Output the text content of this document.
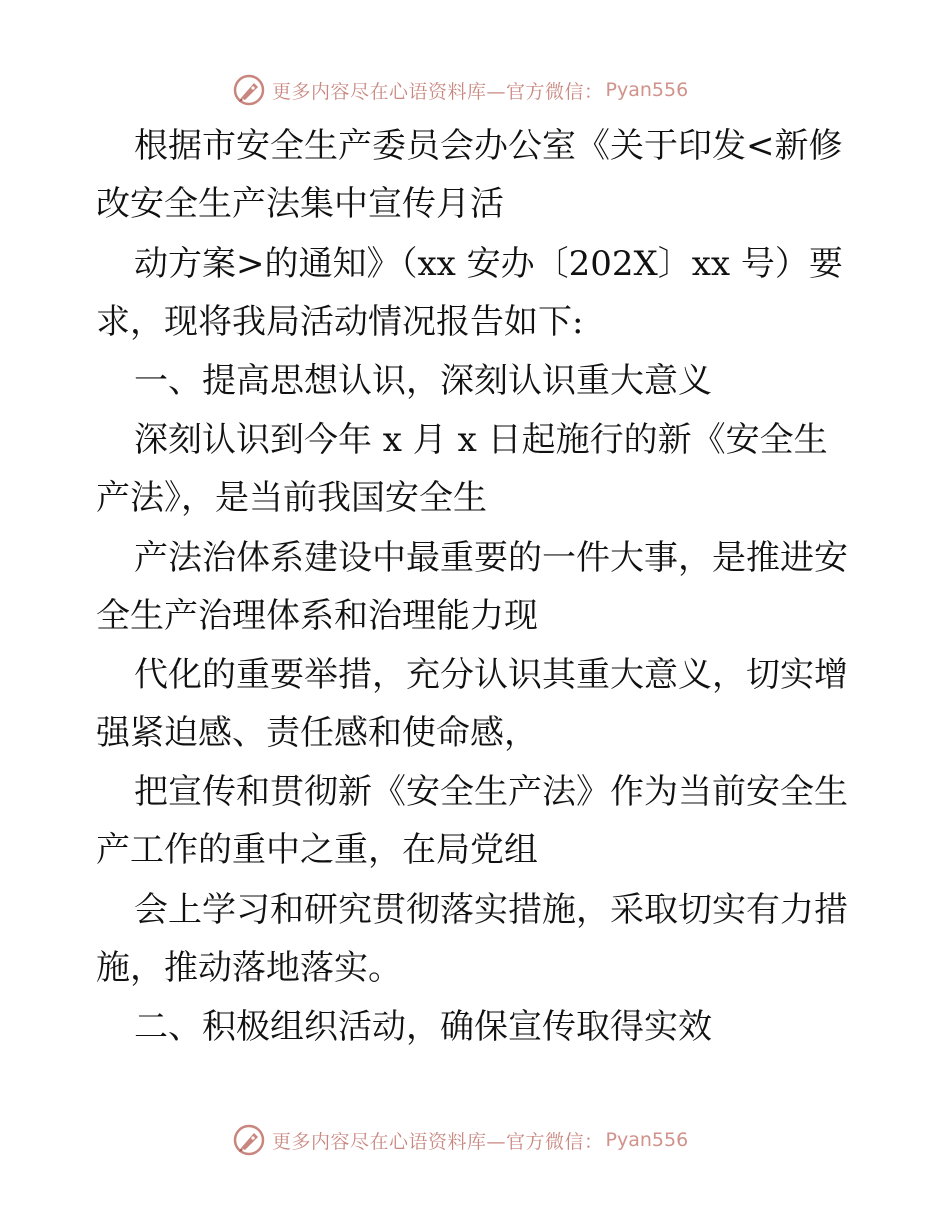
更多内容尽在心语资料库—官方微信： Pyan556
根据市安全生产委员会办公室《关于印发<新修
改安全生产法集中宣传月活
动方案>的通知》（xx 安办〔202X〕xx 号）要
求，现将我局活动情况报告如下:
一、提高思想认识，深刻认识重大意义
深刻认识到今年 x 月 x 日起施行的新《安全生
产法》，是当前我国安全生
产法治体系建设中最重要的一件大事，是推进安
全生产治理体系和治理能力现
代化的重要举措，充分认识其重大意义，切实增
强紧迫感、责任感和使命感，
把宣传和贯彻新《安全生产法》作为当前安全生
产工作的重中之重，在局党组
会上学习和研究贯彻落实措施，采取切实有力措
施，推动落地落实。
二、积极组织活动，确保宣传取得实效
更多内容尽在心语资料库—官方微信： Pyan556
